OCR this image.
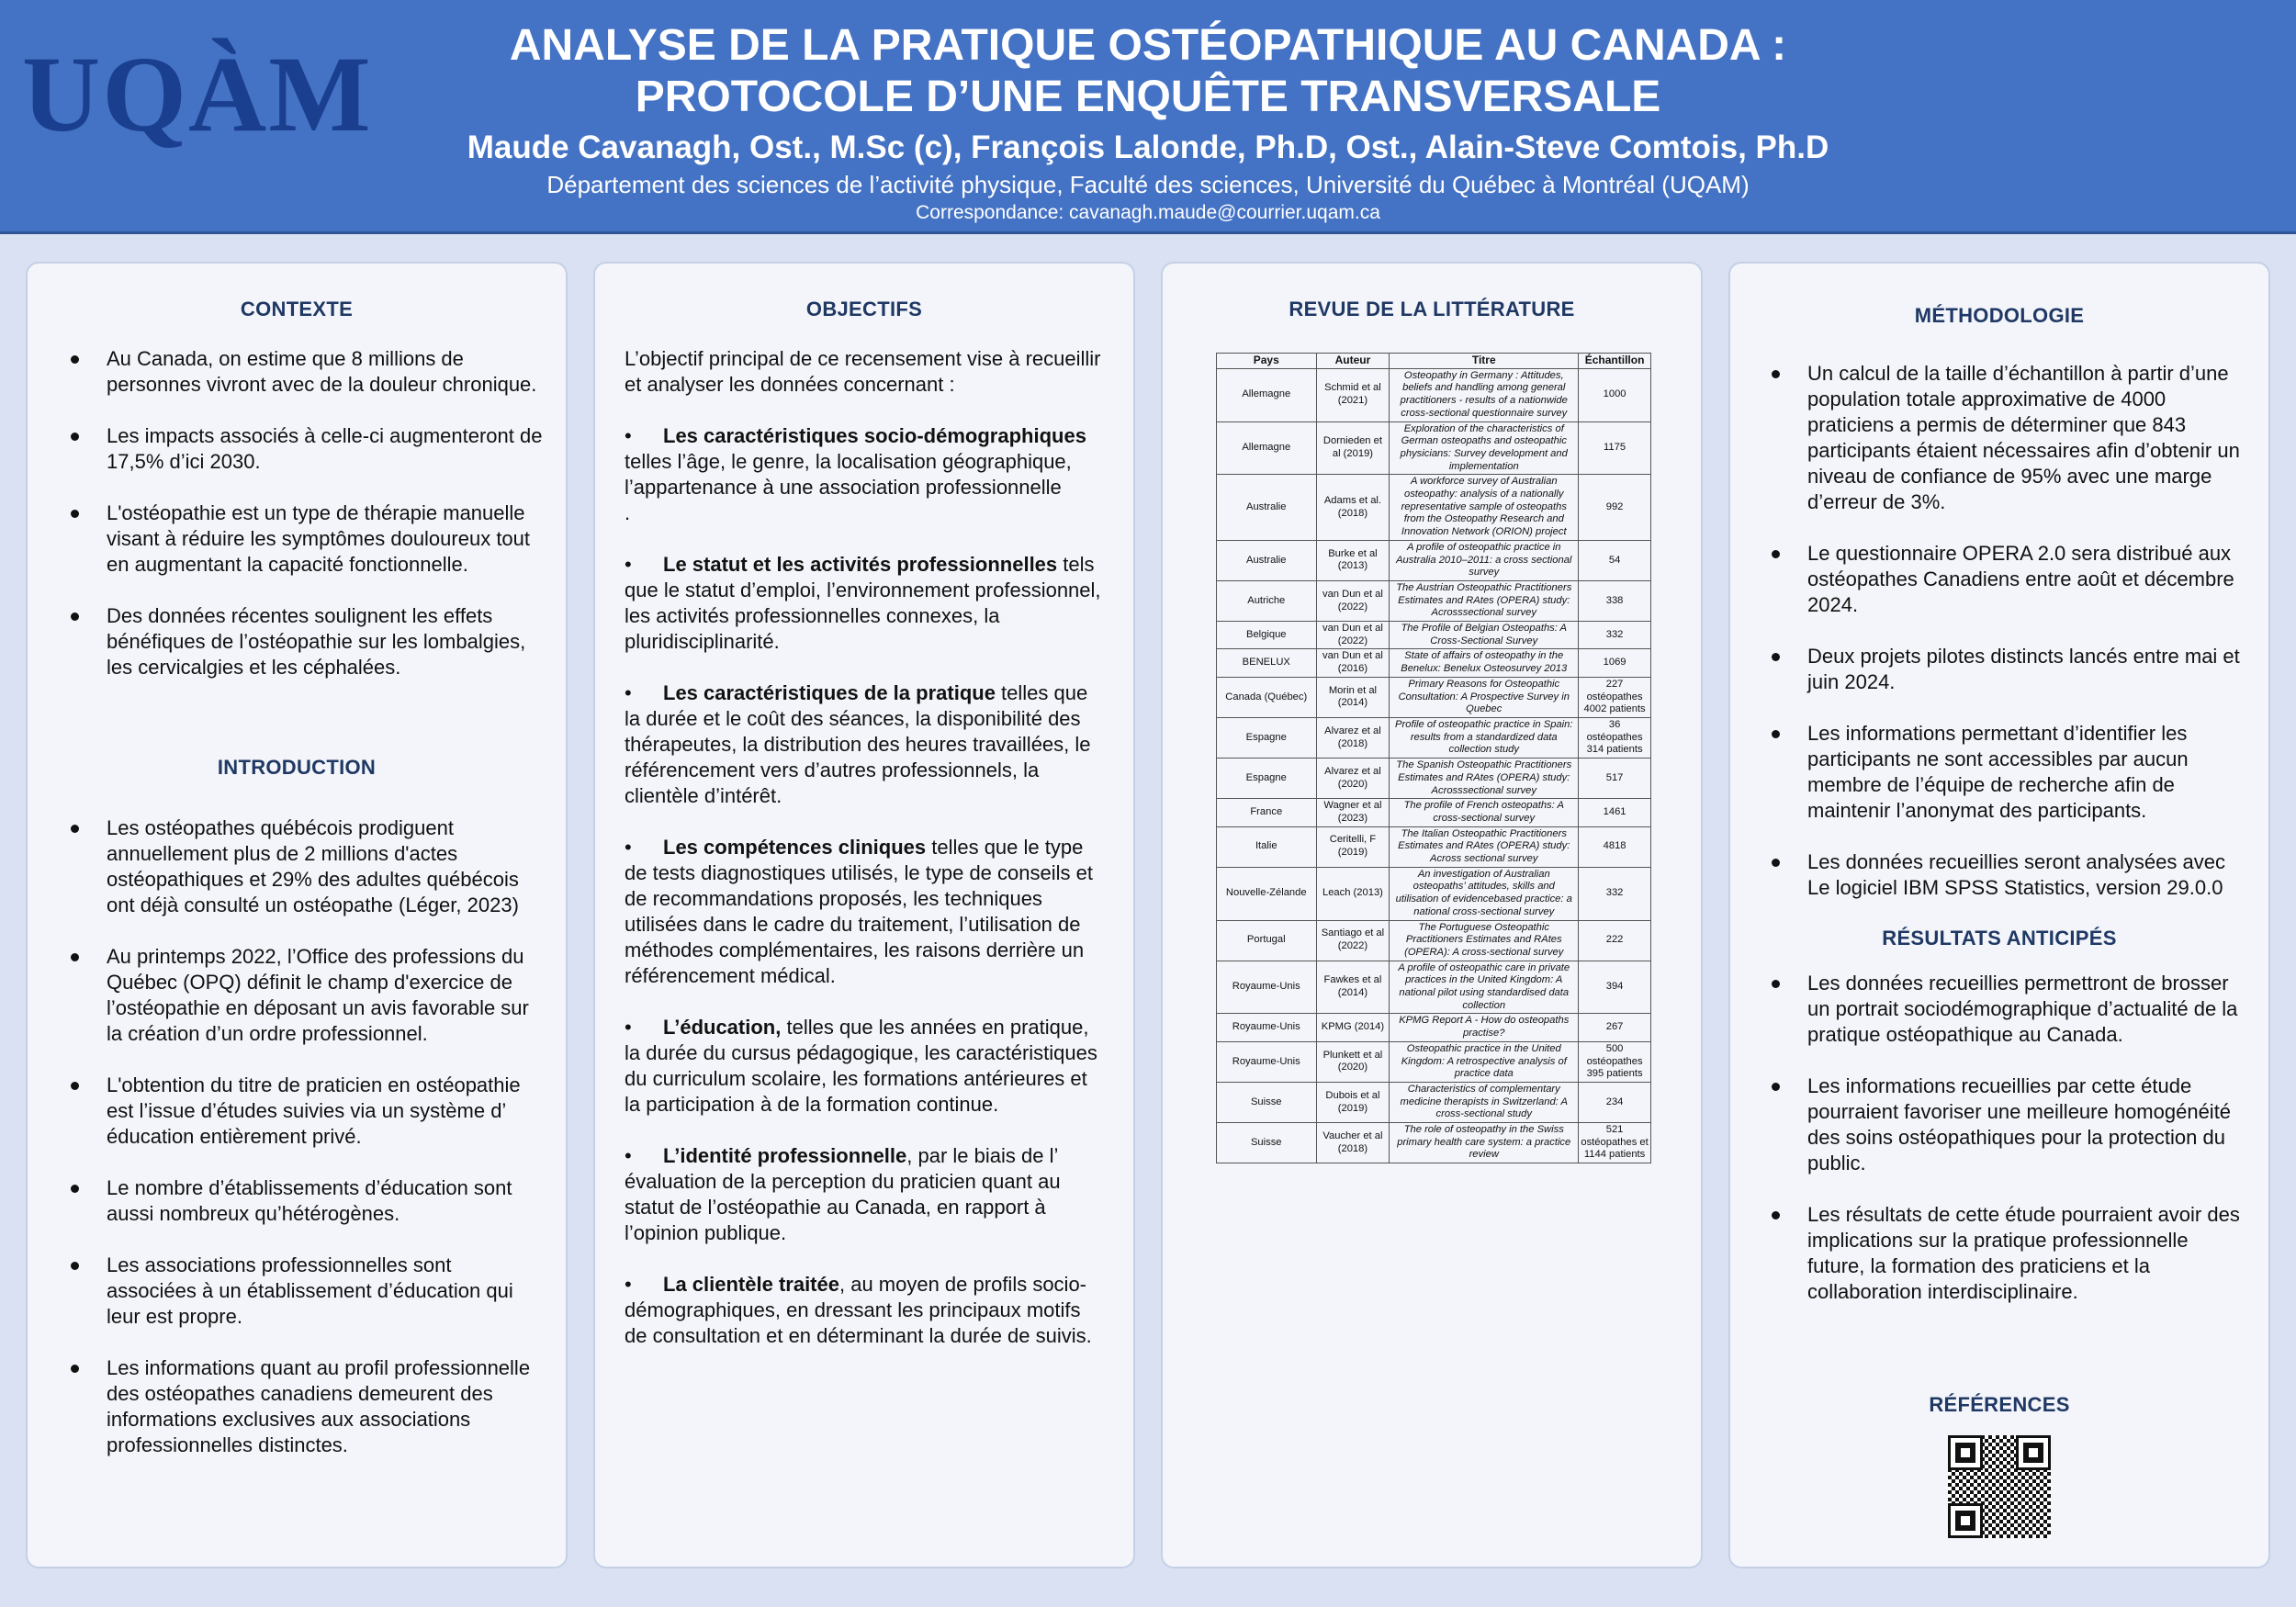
UQÀM	ANALYSE DE LA PRATIQUE OSTÉOPATHIQUE AU CANADA :
PROTOCOLE D’UNE ENQUÊTE TRANSVERSALE
Maude Cavanagh, Ost., M.Sc (c), François Lalonde, Ph.D, Ost., Alain-Steve Comtois, Ph.D
Département des sciences de l’activité physique, Faculté des sciences, Université du Québec à Montréal (UQAM)
Correspondance: cavanagh.maude@courrier.uqam.ca
CONTEXTE
Au Canada, on estime que 8 millions de personnes vivront avec de la douleur chronique.
Les impacts associés à celle-ci augmenteront de 17,5% d’ici 2030.
L'ostéopathie est un type de thérapie manuelle visant à réduire les symptômes douloureux tout en augmentant la capacité fonctionnelle.
Des données récentes soulignent les effets bénéfiques de l’ostéopathie sur les lombalgies, les cervicalgies et les céphalées.
INTRODUCTION
Les ostéopathes québécois prodiguent annuellement plus de 2 millions d'actes ostéopathiques et 29% des adultes québécois ont déjà consulté un ostéopathe (Léger, 2023)
Au printemps 2022, l’Office des professions du Québec (OPQ) définit le champ d'exercice de l’ostéopathie en déposant un avis favorable sur la création d’un ordre professionnel.
L'obtention du titre de praticien en ostéopathie est l’issue d’études suivies via un système d’ éducation entièrement privé.
Le nombre d’établissements d’éducation sont aussi nombreux qu’hétérogènes.
Les associations professionnelles sont associées à un établissement d’éducation qui leur est propre.
Les informations quant au profil professionnelle des ostéopathes canadiens demeurent des informations exclusives aux associations professionnelles distinctes.
OBJECTIFS
L’objectif principal de ce recensement vise à recueillir et analyser les données concernant :
• Les caractéristiques socio-démographiques telles l’âge, le genre, la localisation géographique, l’appartenance à une association professionnelle
.
• Le statut et les activités professionnelles tels que le statut d’emploi, l’environnement professionnel, les activités professionnelles connexes, la pluridisciplinarité.
• Les caractéristiques de la pratique telles que la durée et le coût des séances, la disponibilité des thérapeutes, la distribution des heures travaillées, le référencement vers d’autres professionnels, la clientèle d’intérêt.
• Les compétences cliniques telles que le type de tests diagnostiques utilisés, le type de conseils et de recommandations proposés, les techniques utilisées dans le cadre du traitement, l’utilisation de méthodes complémentaires, les raisons derrière un référencement médical.
• L’éducation, telles que les années en pratique, la durée du cursus pédagogique, les caractéristiques du curriculum scolaire, les formations antérieures et la participation à de la formation continue.
• L’identité professionnelle, par le biais de l’ évaluation de la perception du praticien quant au statut de l’ostéopathie au Canada, en rapport à l’opinion publique.
• La clientèle traitée, au moyen de profils socio-démographiques, en dressant les principaux motifs de consultation et en déterminant la durée de suivis.
REVUE DE LA LITTÉRATURE
Pays	Auteur	Titre	Échantillon
Allemagne	Schmid et al (2021)	Osteopathy in Germany : Attitudes, beliefs and handling among general practitioners - results of a nationwide cross-sectional questionnaire survey	1000
Allemagne	Dornieden et al (2019)	Exploration of the characteristics of German osteopaths and osteopathic physicians: Survey development and implementation	1175
Australie	Adams et al. (2018)	A workforce survey of Australian osteopathy: analysis of a nationally representative sample of osteopaths from the Osteopathy Research and Innovation Network (ORION) project	992
Australie	Burke et al (2013)	A profile of osteopathic practice in Australia 2010–2011: a cross sectional survey	54
Autriche	van Dun et al (2022)	The Austrian Osteopathic Practitioners Estimates and RAtes (OPERA) study: Acrosssectional survey	338
Belgique	van Dun et al (2022)	The Profile of Belgian Osteopaths: A Cross-Sectional Survey	332
BENELUX	van Dun et al (2016)	State of affairs of osteopathy in the Benelux: Benelux Osteosurvey 2013	1069
Canada (Québec)	Morin et al (2014)	Primary Reasons for Osteopathic Consultation: A Prospective Survey in Quebec	227 ostéopathes 4002 patients
Espagne	Alvarez et al (2018)	Profile of osteopathic practice in Spain: results from a standardized data collection study	36 ostéopathes 314 patients
Espagne	Alvarez et al (2020)	The Spanish Osteopathic Practitioners Estimates and RAtes (OPERA) study: Acrosssectional survey	517
France	Wagner et al (2023)	The profile of French osteopaths: A cross-sectional survey	1461
Italie	Ceritelli, F (2019)	The Italian Osteopathic Practitioners Estimates and RAtes (OPERA) study: Across sectional survey	4818
Nouvelle-Zélande	Leach (2013)	An investigation of Australian osteopaths’ attitudes, skills and utilisation of evidencebased practice: a national cross-sectional survey	332
Portugal	Santiago et al (2022)	The Portuguese Osteopathic Practitioners Estimates and RAtes (OPERA): A cross-sectional survey	222
Royaume-Unis	Fawkes et al (2014)	A profile of osteopathic care in private practices in the United Kingdom: A national pilot using standardised data collection	394
Royaume-Unis	KPMG (2014)	KPMG Report A - How do osteopaths practise?	267
Royaume-Unis	Plunkett et al (2020)	Osteopathic practice in the United Kingdom: A retrospective analysis of practice data	500 ostéopathes 395 patients
Suisse	Dubois et al (2019)	Characteristics of complementary medicine therapists in Switzerland: A cross-sectional study	234
Suisse	Vaucher et al (2018)	The role of osteopathy in the Swiss primary health care system: a practice review	521 ostéopathes et 1144 patients
MÉTHODOLOGIE
Un calcul de la taille d’échantillon à partir d’une population totale approximative de 4000 praticiens a permis de déterminer que 843 participants étaient nécessaires afin d’obtenir un niveau de confiance de 95% avec une marge d’erreur de 3%.
Le questionnaire OPERA 2.0 sera distribué aux ostéopathes Canadiens entre août et décembre 2024.
Deux projets pilotes distincts lancés entre mai et juin 2024.
Les informations permettant d’identifier les participants ne sont accessibles par aucun membre de l’équipe de recherche afin de maintenir l’anonymat des participants.
Les données recueillies seront analysées avec Le logiciel IBM SPSS Statistics, version 29.0.0
RÉSULTATS ANTICIPÉS
Les données recueillies permettront de brosser un portrait sociodémographique d’actualité de la pratique ostéopathique au Canada.
Les informations recueillies par cette étude pourraient favoriser une meilleure homogénéité des soins ostéopathiques pour la protection du public.
Les résultats de cette étude pourraient avoir des implications sur la pratique professionnelle future, la formation des praticiens et la collaboration interdisciplinaire.
RÉFÉRENCES
